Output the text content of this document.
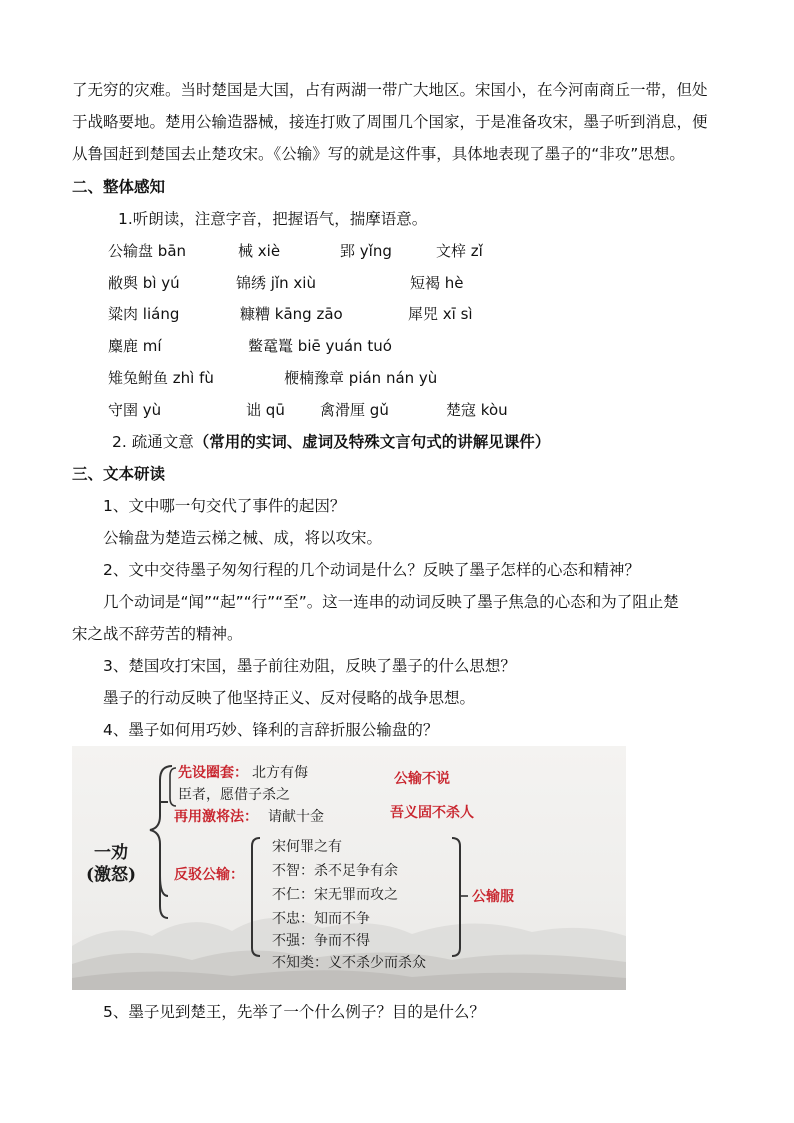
了无穷的灾难。当时楚国是大国，占有两湖一带广大地区。宋国小，在今河南商丘一带，但处
于战略要地。楚用公输造器械，接连打败了周围几个国家，于是准备攻宋，墨子听到消息，便
从鲁国赶到楚国去止楚攻宋。《公输》写的就是这件事，具体地表现了墨子的“非攻”思想。
二、整体感知
1.听朗读，注意字音，把握语气，揣摩语意。
公输盘 bān	械 xiè	郢 yǐng	文梓 zǐ
敝舆 bì yú	锦绣 jǐn xiù	短褐 hè
粱肉 liáng	糠糟 kāng zāo	犀兕 xī sì
麋鹿 mí	鳖鼋鼍 biē yuán tuó
雉兔鲋鱼 zhì fù	楩楠豫章 pián nán yù
守圉 yù	诎 qū 禽滑厘 gǔ	楚寇 kòu
2. 疏通文意（常用的实词、虚词及特殊文言句式的讲解见课件）
三、文本研读
1、文中哪一句交代了事件的起因？
公输盘为楚造云梯之械、成，将以攻宋。
2、文中交待墨子匆匆行程的几个动词是什么？反映了墨子怎样的心态和精神？
几个动词是“闻”“起”“行”“至”。这一连串的动词反映了墨子焦急的心态和为了阻止楚
宋之战不辞劳苦的精神。
3、楚国攻打宋国，墨子前往劝阻，反映了墨子的什么思想？
墨子的行动反映了他坚持正义、反对侵略的战争思想。
4、墨子如何用巧妙、锋利的言辞折服公输盘的？
一劝
(激怒)
先设圈套： 北方有侮
臣者，愿借子杀之
公输不说
再用激将法： 请献十金	吾义固不杀人
反驳公输：
宋何罪之有
不智：杀不足争有余
不仁：宋无罪而攻之
不忠：知而不争
不强：争而不得
不知类：义不杀少而杀众
公输服
5、墨子见到楚王，先举了一个什么例子？目的是什么？
